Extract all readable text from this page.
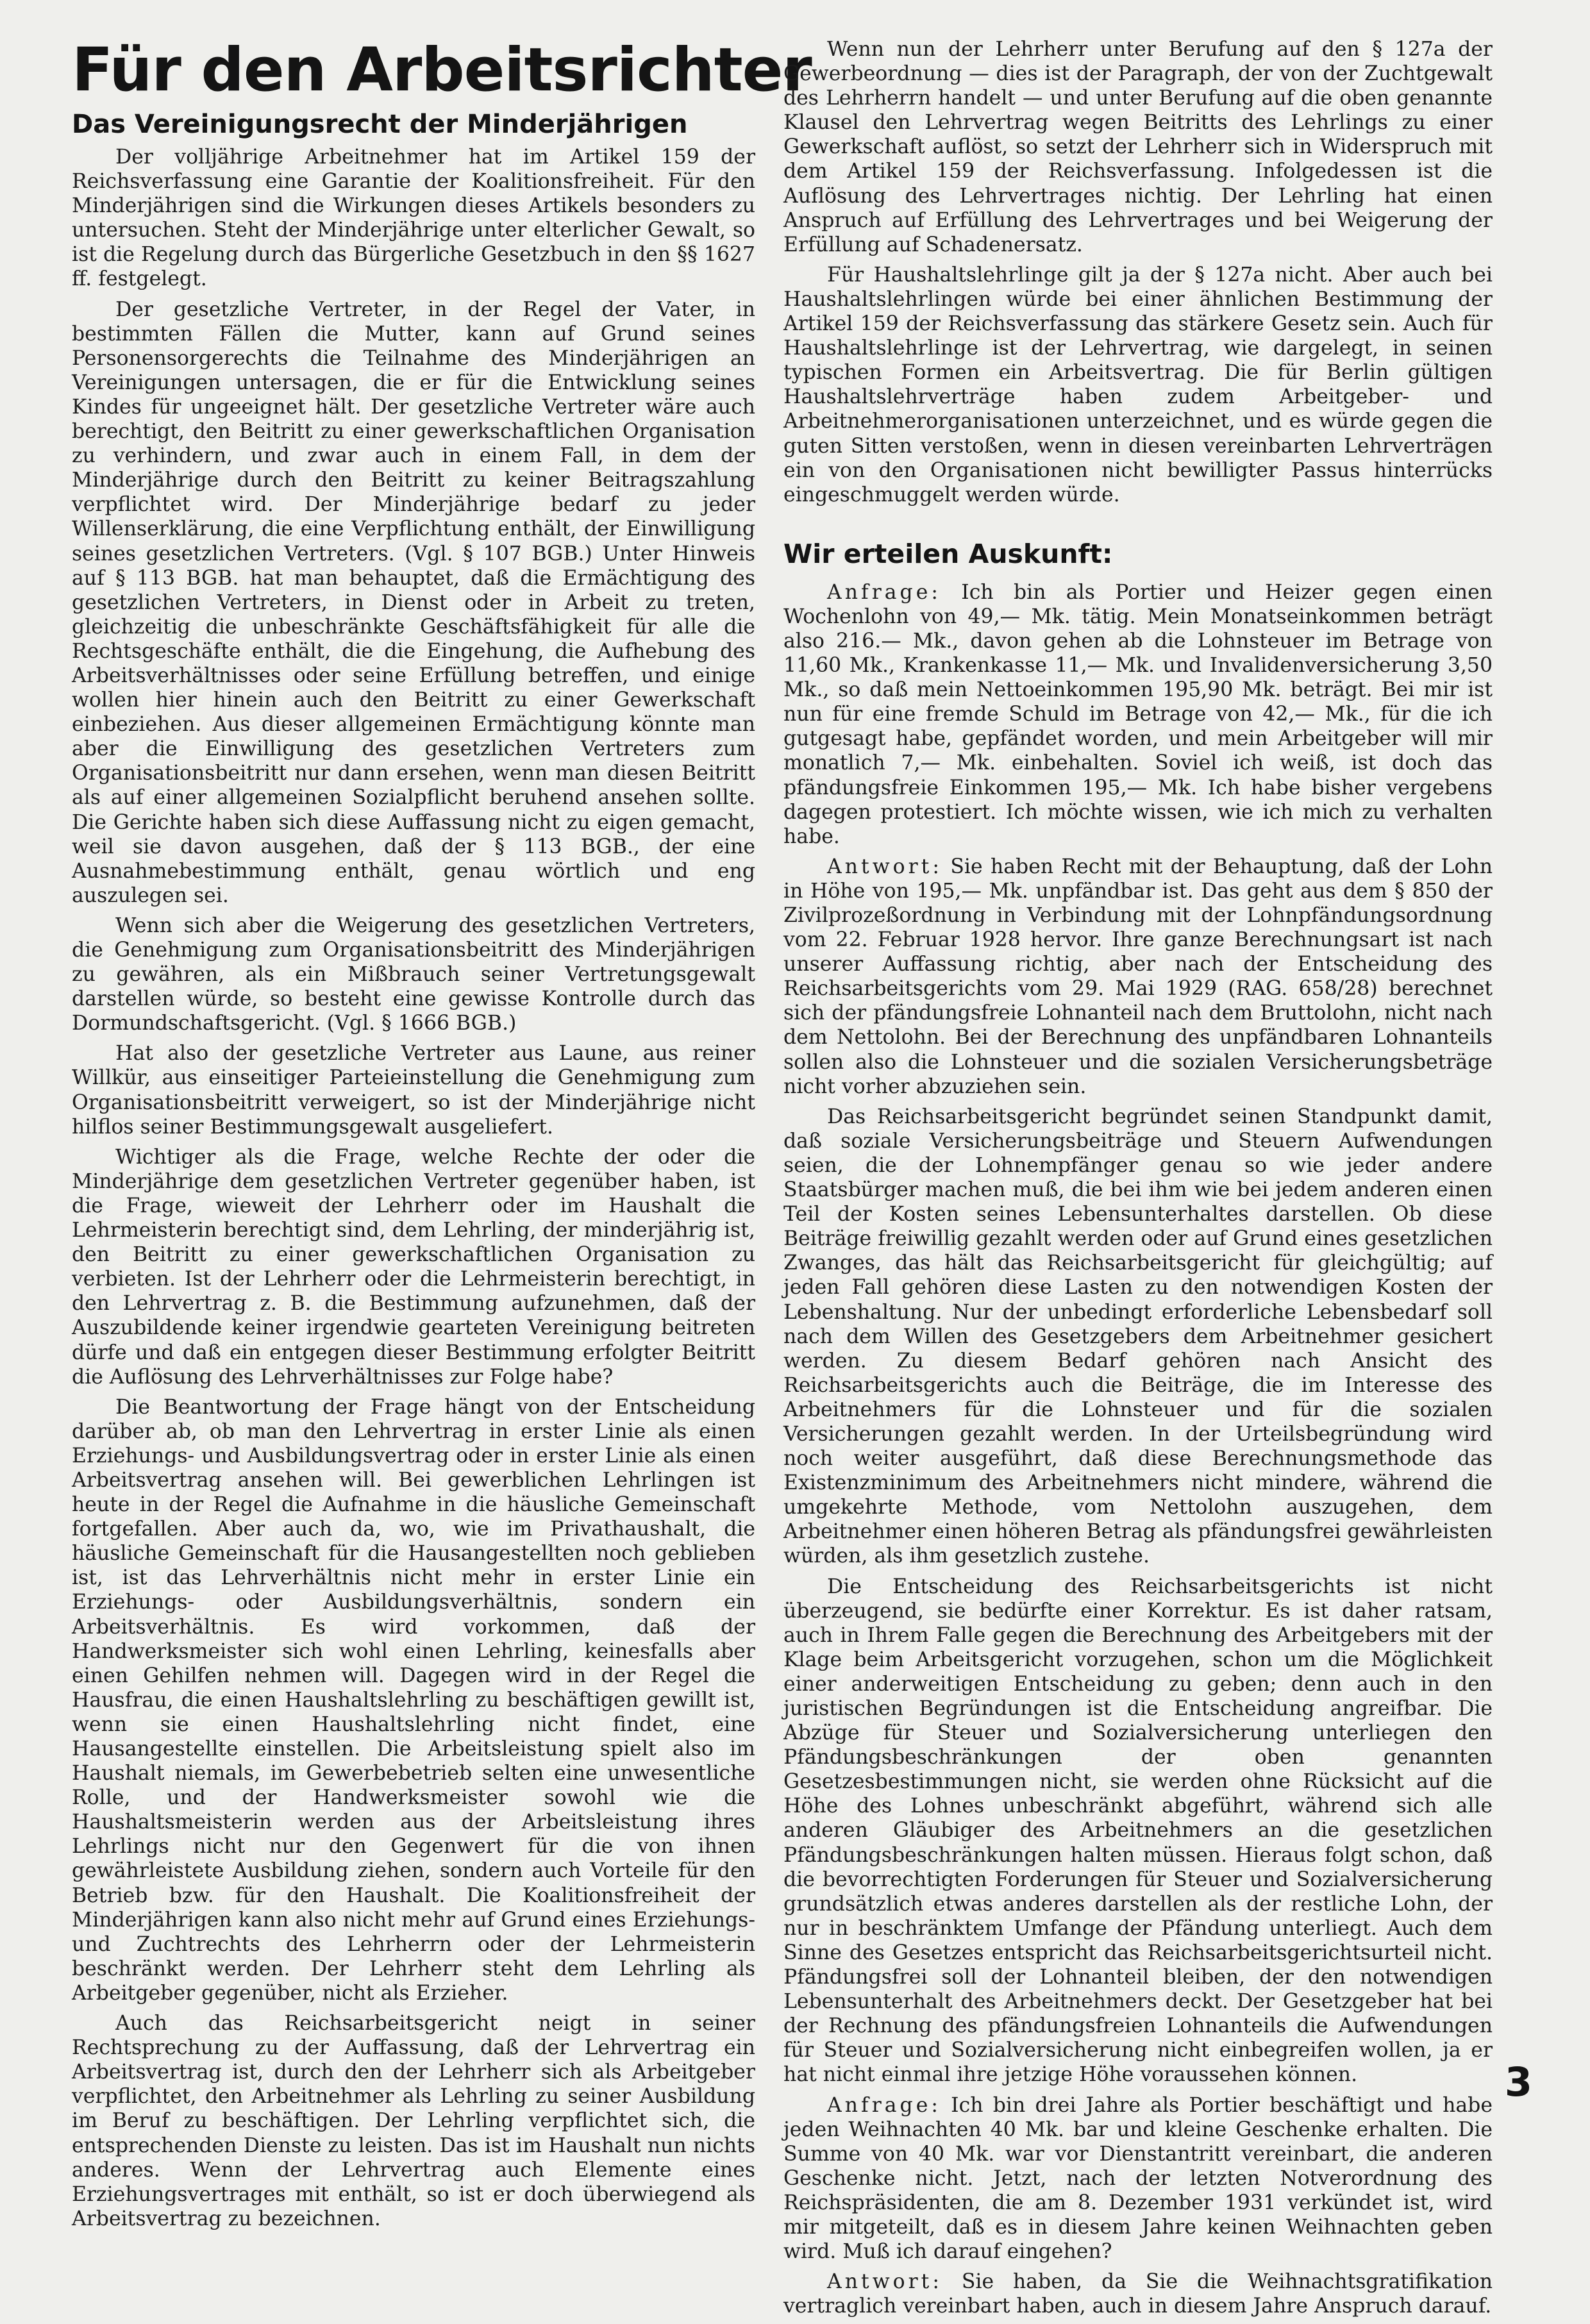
Für den Arbeitsrichter
Das Vereinigungsrecht der Minderjährigen

Der volljährige Arbeitnehmer hat im Artikel 159 der Reichsverfassung eine Garantie der Koalitionsfreiheit. Für den Minderjährigen sind die Wirkungen dieses Artikels besonders zu untersuchen. Steht der Minderjährige unter elterlicher Gewalt, so ist die Regelung durch das Bürgerliche Gesetzbuch in den §§ 1627 ff. festgelegt.

Der gesetzliche Vertreter, in der Regel der Vater, in bestimmten Fällen die Mutter, kann auf Grund seines Personensorgerechts die Teilnahme des Minderjährigen an Vereinigungen untersagen, die er für die Entwicklung seines Kindes für ungeeignet hält. Der gesetzliche Vertreter wäre auch berechtigt, den Beitritt zu einer gewerkschaftlichen Organisation zu verhindern, und zwar auch in einem Fall, in dem der Minderjährige durch den Beitritt zu keiner Beitragszahlung verpflichtet wird. Der Minderjährige bedarf zu jeder Willenserklärung, die eine Verpflichtung enthält, der Einwilligung seines gesetzlichen Vertreters. (Vgl. § 107 BGB.) Unter Hinweis auf § 113 BGB. hat man behauptet, daß die Ermächtigung des gesetzlichen Vertreters, in Dienst oder in Arbeit zu treten, gleichzeitig die unbeschränkte Geschäftsfähigkeit für alle die Rechtsgeschäfte enthält, die die Eingehung, die Aufhebung des Arbeitsverhältnisses oder seine Erfüllung betreffen, und einige wollen hier hinein auch den Beitritt zu einer Gewerkschaft einbeziehen. Aus dieser allgemeinen Ermächtigung könnte man aber die Einwilligung des gesetzlichen Vertreters zum Organisationsbeitritt nur dann ersehen, wenn man diesen Beitritt als auf einer allgemeinen Sozialpflicht beruhend ansehen sollte. Die Gerichte haben sich diese Auffassung nicht zu eigen gemacht, weil sie davon ausgehen, daß der § 113 BGB., der eine Ausnahmebestimmung enthält, genau wörtlich und eng auszulegen sei.

Wenn sich aber die Weigerung des gesetzlichen Vertreters, die Genehmigung zum Organisationsbeitritt des Minderjährigen zu gewähren, als ein Mißbrauch seiner Vertretungsgewalt darstellen würde, so besteht eine gewisse Kontrolle durch das Dormundschaftsgericht. (Vgl. § 1666 BGB.)

Hat also der gesetzliche Vertreter aus Laune, aus reiner Willkür, aus einseitiger Parteieinstellung die Genehmigung zum Organisationsbeitritt verweigert, so ist der Minderjährige nicht hilflos seiner Bestimmungsgewalt ausgeliefert.

Wichtiger als die Frage, welche Rechte der oder die Minderjährige dem gesetzlichen Vertreter gegenüber haben, ist die Frage, wieweit der Lehrherr oder im Haushalt die Lehrmeisterin berechtigt sind, dem Lehrling, der minderjährig ist, den Beitritt zu einer gewerkschaftlichen Organisation zu verbieten. Ist der Lehrherr oder die Lehrmeisterin berechtigt, in den Lehrvertrag z. B. die Bestimmung aufzunehmen, daß der Auszubildende keiner irgendwie gearteten Vereinigung beitreten dürfe und daß ein entgegen dieser Bestimmung erfolgter Beitritt die Auflösung des Lehrverhältnisses zur Folge habe?

Die Beantwortung der Frage hängt von der Entscheidung darüber ab, ob man den Lehrvertrag in erster Linie als einen Erziehungs- und Ausbildungsvertrag oder in erster Linie als einen Arbeitsvertrag ansehen will. Bei gewerblichen Lehrlingen ist heute in der Regel die Aufnahme in die häusliche Gemeinschaft fortgefallen. Aber auch da, wo, wie im Privathaushalt, die häusliche Gemeinschaft für die Hausangestellten noch geblieben ist, ist das Lehrverhältnis nicht mehr in erster Linie ein Erziehungs- oder Ausbildungsverhältnis, sondern ein Arbeitsverhältnis. Es wird vorkommen, daß der Handwerksmeister sich wohl einen Lehrling, keinesfalls aber einen Gehilfen nehmen will. Dagegen wird in der Regel die Hausfrau, die einen Haushaltslehrling zu beschäftigen gewillt ist, wenn sie einen Haushaltslehrling nicht findet, eine Hausangestellte einstellen. Die Arbeitsleistung spielt also im Haushalt niemals, im Gewerbebetrieb selten eine unwesentliche Rolle, und der Handwerksmeister sowohl wie die Haushaltsmeisterin werden aus der Arbeitsleistung ihres Lehrlings nicht nur den Gegenwert für die von ihnen gewährleistete Ausbildung ziehen, sondern auch Vorteile für den Betrieb bzw. für den Haushalt. Die Koalitionsfreiheit der Minderjährigen kann also nicht mehr auf Grund eines Erziehungs- und Zuchtrechts des Lehrherrn oder der Lehrmeisterin beschränkt werden. Der Lehrherr steht dem Lehrling als Arbeitgeber gegenüber, nicht als Erzieher.

Auch das Reichsarbeitsgericht neigt in seiner Rechtsprechung zu der Auffassung, daß der Lehrvertrag ein Arbeitsvertrag ist, durch den der Lehrherr sich als Arbeitgeber verpflichtet, den Arbeitnehmer als Lehrling zu seiner Ausbildung im Beruf zu beschäftigen. Der Lehrling verpflichtet sich, die entsprechenden Dienste zu leisten. Das ist im Haushalt nun nichts anderes. Wenn der Lehrvertrag auch Elemente eines Erziehungsvertrages mit enthält, so ist er doch überwiegend als Arbeitsvertrag zu bezeichnen.

Wenn nun der Lehrherr unter Berufung auf den § 127a der Gewerbeordnung — dies ist der Paragraph, der von der Zuchtgewalt des Lehrherrn handelt — und unter Berufung auf die oben genannte Klausel den Lehrvertrag wegen Beitritts des Lehrlings zu einer Gewerkschaft auflöst, so setzt der Lehrherr sich in Widerspruch mit dem Artikel 159 der Reichsverfassung. Infolgedessen ist die Auflösung des Lehrvertrages nichtig. Der Lehrling hat einen Anspruch auf Erfüllung des Lehrvertrages und bei Weigerung der Erfüllung auf Schadenersatz.

Für Haushaltslehrlinge gilt ja der § 127a nicht. Aber auch bei Haushaltslehrlingen würde bei einer ähnlichen Bestimmung der Artikel 159 der Reichsverfassung das stärkere Gesetz sein. Auch für Haushaltslehrlinge ist der Lehrvertrag, wie dargelegt, in seinen typischen Formen ein Arbeitsvertrag. Die für Berlin gültigen Haushaltslehrverträge haben zudem Arbeitgeber- und Arbeitnehmerorganisationen unterzeichnet, und es würde gegen die guten Sitten verstoßen, wenn in diesen vereinbarten Lehrverträgen ein von den Organisationen nicht bewilligter Passus hinterrücks eingeschmuggelt werden würde.

Wir erteilen Auskunft:

Anfrage: Ich bin als Portier und Heizer gegen einen Wochenlohn von 49,— Mk. tätig. Mein Monatseinkommen beträgt also 216.— Mk., davon gehen ab die Lohnsteuer im Betrage von 11,60 Mk., Krankenkasse 11,— Mk. und Invalidenversicherung 3,50 Mk., so daß mein Nettoeinkommen 195,90 Mk. beträgt. Bei mir ist nun für eine fremde Schuld im Betrage von 42,— Mk., für die ich gutgesagt habe, gepfändet worden, und mein Arbeitgeber will mir monatlich 7,— Mk. einbehalten. Soviel ich weiß, ist doch das pfändungsfreie Einkommen 195,— Mk. Ich habe bisher vergebens dagegen protestiert. Ich möchte wissen, wie ich mich zu verhalten habe.

Antwort: Sie haben Recht mit der Behauptung, daß der Lohn in Höhe von 195,— Mk. unpfändbar ist. Das geht aus dem § 850 der Zivilprozeßordnung in Verbindung mit der Lohnpfändungsordnung vom 22. Februar 1928 hervor. Ihre ganze Berechnungsart ist nach unserer Auffassung richtig, aber nach der Entscheidung des Reichsarbeitsgerichts vom 29. Mai 1929 (RAG. 658/28) berechnet sich der pfändungsfreie Lohnanteil nach dem Bruttolohn, nicht nach dem Nettolohn. Bei der Berechnung des unpfändbaren Lohnanteils sollen also die Lohnsteuer und die sozialen Versicherungsbeträge nicht vorher abzuziehen sein.

Das Reichsarbeitsgericht begründet seinen Standpunkt damit, daß soziale Versicherungsbeiträge und Steuern Aufwendungen seien, die der Lohnempfänger genau so wie jeder andere Staatsbürger machen muß, die bei ihm wie bei jedem anderen einen Teil der Kosten seines Lebensunterhaltes darstellen. Ob diese Beiträge freiwillig gezahlt werden oder auf Grund eines gesetzlichen Zwanges, das hält das Reichsarbeitsgericht für gleichgültig; auf jeden Fall gehören diese Lasten zu den notwendigen Kosten der Lebenshaltung. Nur der unbedingt erforderliche Lebensbedarf soll nach dem Willen des Gesetzgebers dem Arbeitnehmer gesichert werden. Zu diesem Bedarf gehören nach Ansicht des Reichsarbeitsgerichts auch die Beiträge, die im Interesse des Arbeitnehmers für die Lohnsteuer und für die sozialen Versicherungen gezahlt werden. In der Urteilsbegründung wird noch weiter ausgeführt, daß diese Berechnungsmethode das Existenzminimum des Arbeitnehmers nicht mindere, während die umgekehrte Methode, vom Nettolohn auszugehen, dem Arbeitnehmer einen höheren Betrag als pfändungsfrei gewährleisten würden, als ihm gesetzlich zustehe.

Die Entscheidung des Reichsarbeitsgerichts ist nicht überzeugend, sie bedürfte einer Korrektur. Es ist daher ratsam, auch in Ihrem Falle gegen die Berechnung des Arbeitgebers mit der Klage beim Arbeitsgericht vorzugehen, schon um die Möglichkeit einer anderweitigen Entscheidung zu geben; denn auch in den juristischen Begründungen ist die Entscheidung angreifbar. Die Abzüge für Steuer und Sozialversicherung unterliegen den Pfändungsbeschränkungen der oben genannten Gesetzesbestimmungen nicht, sie werden ohne Rücksicht auf die Höhe des Lohnes unbeschränkt abgeführt, während sich alle anderen Gläubiger des Arbeitnehmers an die gesetzlichen Pfändungsbeschränkungen halten müssen. Hieraus folgt schon, daß die bevorrechtigten Forderungen für Steuer und Sozialversicherung grundsätzlich etwas anderes darstellen als der restliche Lohn, der nur in beschränktem Umfange der Pfändung unterliegt. Auch dem Sinne des Gesetzes entspricht das Reichsarbeitsgerichtsurteil nicht. Pfändungsfrei soll der Lohnanteil bleiben, der den notwendigen Lebensunterhalt des Arbeitnehmers deckt. Der Gesetzgeber hat bei der Rechnung des pfändungsfreien Lohnanteils die Aufwendungen für Steuer und Sozialversicherung nicht einbegreifen wollen, ja er hat nicht einmal ihre jetzige Höhe voraussehen können.

Anfrage: Ich bin drei Jahre als Portier beschäftigt und habe jeden Weihnachten 40 Mk. bar und kleine Geschenke erhalten. Die Summe von 40 Mk. war vor Dienstantritt vereinbart, die anderen Geschenke nicht. Jetzt, nach der letzten Notverordnung des Reichspräsidenten, die am 8. Dezember 1931 verkündet ist, wird mir mitgeteilt, daß es in diesem Jahre keinen Weihnachten geben wird. Muß ich darauf eingehen?

Antwort: Sie haben, da Sie die Weihnachtsgratifikation vertraglich vereinbart haben, auch in diesem Jahre Anspruch darauf.

3
